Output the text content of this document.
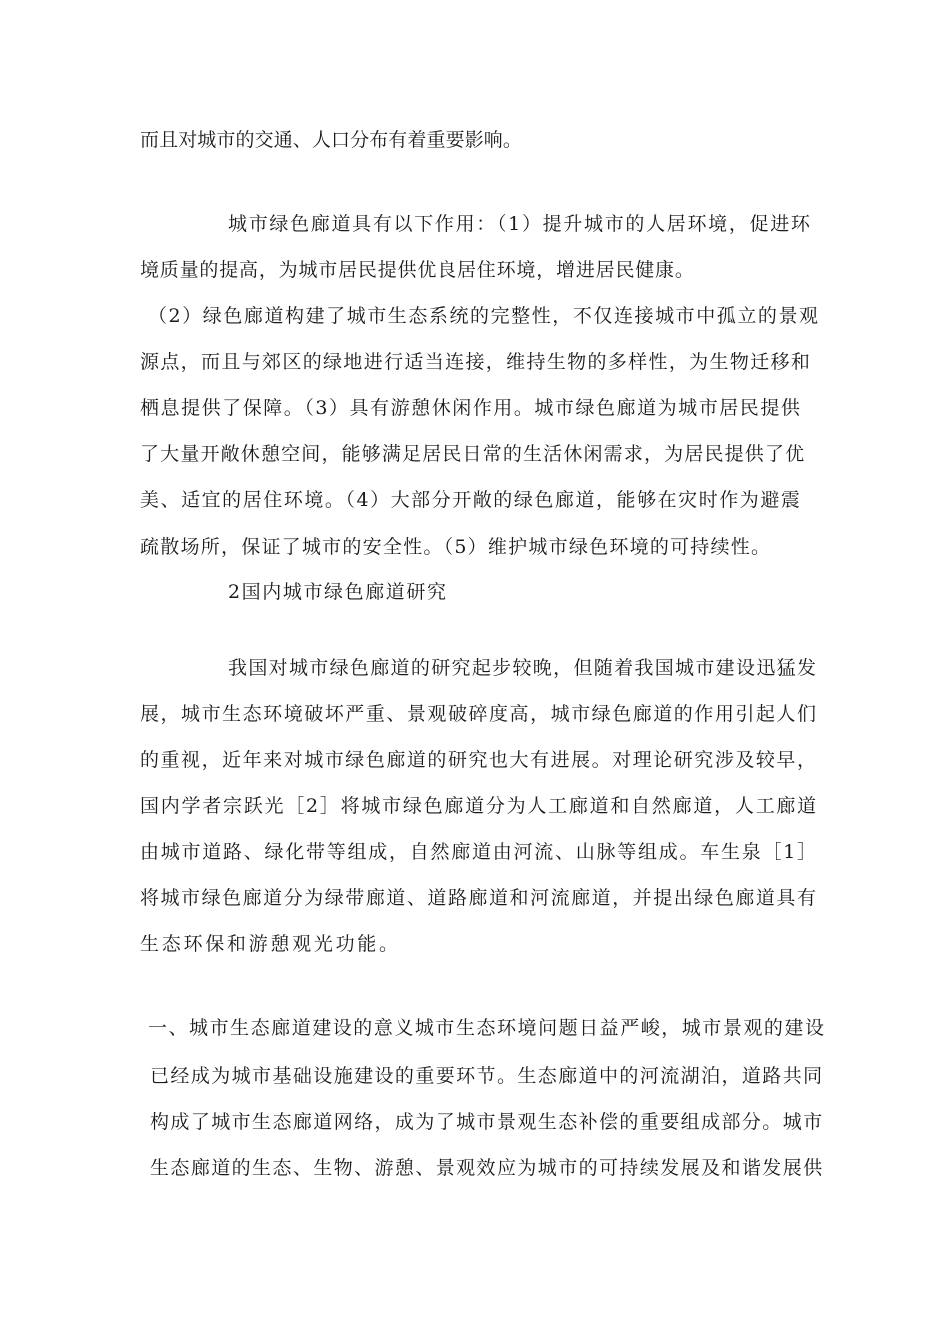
而且对城市的交通、人口分布有着重要影响。
城市绿色廊道具有以下作用：（1）提升城市的人居环境，促进环
境质量的提高，为城市居民提供优良居住环境，增进居民健康。
（2）绿色廊道构建了城市生态系统的完整性，不仅连接城市中孤立的景观
源点，而且与郊区的绿地进行适当连接，维持生物的多样性，为生物迁移和
栖息提供了保障。（3）具有游憩休闲作用。城市绿色廊道为城市居民提供
了大量开敞休憩空间，能够满足居民日常的生活休闲需求，为居民提供了优
美、适宜的居住环境。（4）大部分开敞的绿色廊道，能够在灾时作为避震
疏散场所，保证了城市的安全性。（5）维护城市绿色环境的可持续性。
2国内城市绿色廊道研究
我国对城市绿色廊道的研究起步较晚，但随着我国城市建设迅猛发
展，城市生态环境破坏严重、景观破碎度高，城市绿色廊道的作用引起人们
的重视，近年来对城市绿色廊道的研究也大有进展。对理论研究涉及较早，
国内学者宗跃光［2］将城市绿色廊道分为人工廊道和自然廊道，人工廊道
由城市道路、绿化带等组成，自然廊道由河流、山脉等组成。车生泉［1］
将城市绿色廊道分为绿带廊道、道路廊道和河流廊道，并提出绿色廊道具有
生态环保和游憩观光功能。
一、城市生态廊道建设的意义城市生态环境问题日益严峻，城市景观的建设
已经成为城市基础设施建设的重要环节。生态廊道中的河流湖泊，道路共同
构成了城市生态廊道网络，成为了城市景观生态补偿的重要组成部分。城市
生态廊道的生态、生物、游憩、景观效应为城市的可持续发展及和谐发展供
